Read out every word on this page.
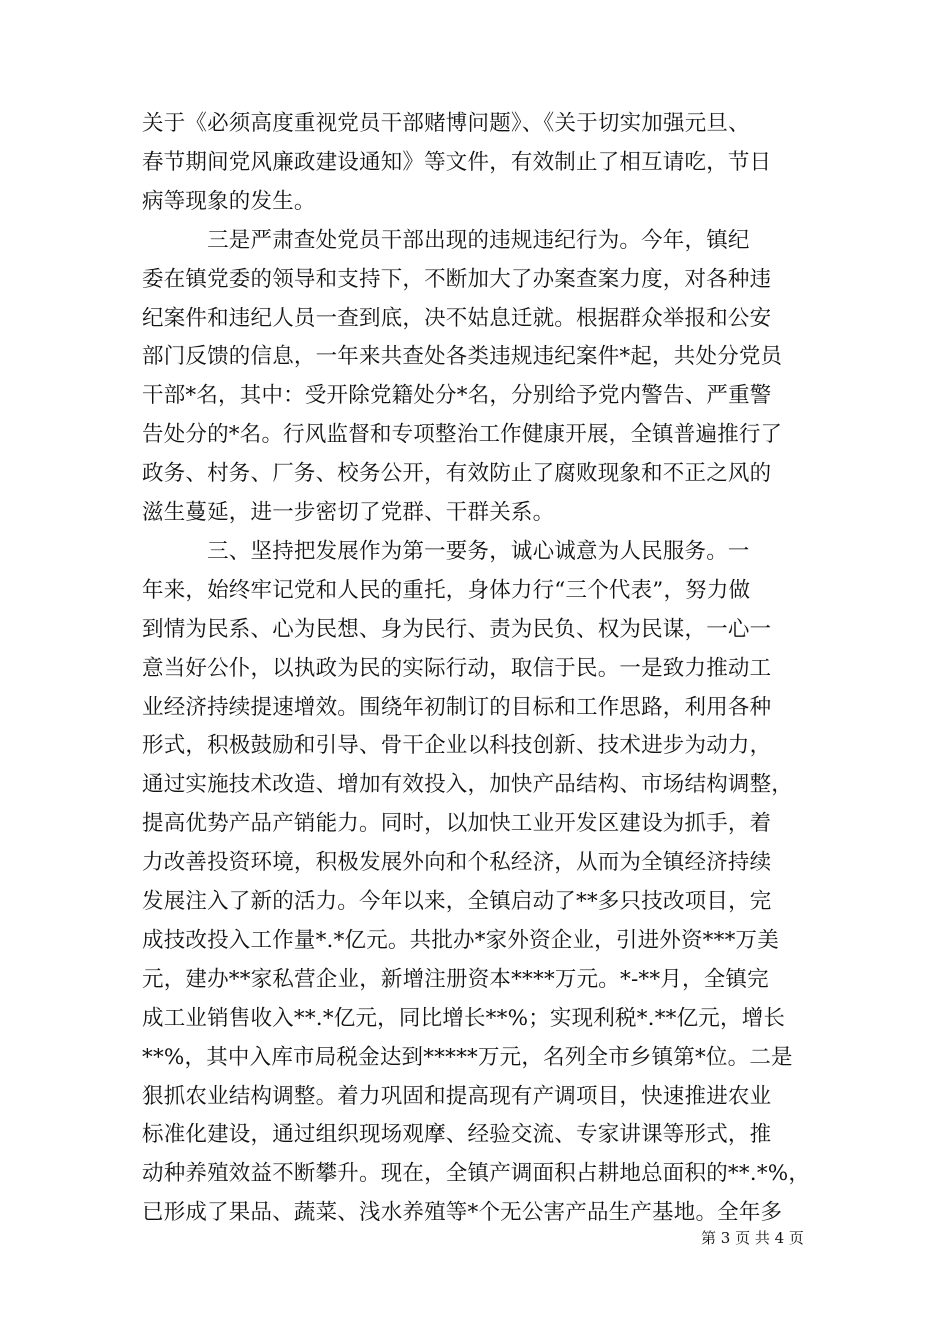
关于《必须高度重视党员干部赌博问题》、《关于切实加强元旦、
春节期间党风廉政建设通知》等文件，有效制止了相互请吃，节日
病等现象的发生。
　　　三是严肃查处党员干部出现的违规违纪行为。今年，镇纪
委在镇党委的领导和支持下，不断加大了办案查案力度，对各种违
纪案件和违纪人员一查到底，决不姑息迁就。根据群众举报和公安
部门反馈的信息，一年来共查处各类违规违纪案件*起，共处分党员
干部*名，其中：受开除党籍处分*名，分别给予党内警告、严重警
告处分的*名。行风监督和专项整治工作健康开展，全镇普遍推行了
政务、村务、厂务、校务公开，有效防止了腐败现象和不正之风的
滋生蔓延，进一步密切了党群、干群关系。
　　　三、坚持把发展作为第一要务，诚心诚意为人民服务。一
年来，始终牢记党和人民的重托，身体力行“三个代表”，努力做
到情为民系、心为民想、身为民行、责为民负、权为民谋，一心一
意当好公仆，以执政为民的实际行动，取信于民。一是致力推动工
业经济持续提速增效。围绕年初制订的目标和工作思路，利用各种
形式，积极鼓励和引导、骨干企业以科技创新、技术进步为动力，
通过实施技术改造、增加有效投入，加快产品结构、市场结构调整，
提高优势产品产销能力。同时，以加快工业开发区建设为抓手，着
力改善投资环境，积极发展外向和个私经济，从而为全镇经济持续
发展注入了新的活力。今年以来，全镇启动了**多只技改项目，完
成技改投入工作量*.*亿元。共批办*家外资企业，引进外资***万美
元，建办**家私营企业，新增注册资本****万元。*-**月，全镇完
成工业销售收入**.*亿元，同比增长**%；实现利税*.**亿元，增长
**%，其中入库市局税金达到*****万元，名列全市乡镇第*位。二是
狠抓农业结构调整。着力巩固和提高现有产调项目，快速推进农业
标准化建设，通过组织现场观摩、经验交流、专家讲课等形式，推
动种养殖效益不断攀升。现在，全镇产调面积占耕地总面积的**.*%，
已形成了果品、蔬菜、浅水养殖等*个无公害产品生产基地。全年多
第 3 页 共 4 页
